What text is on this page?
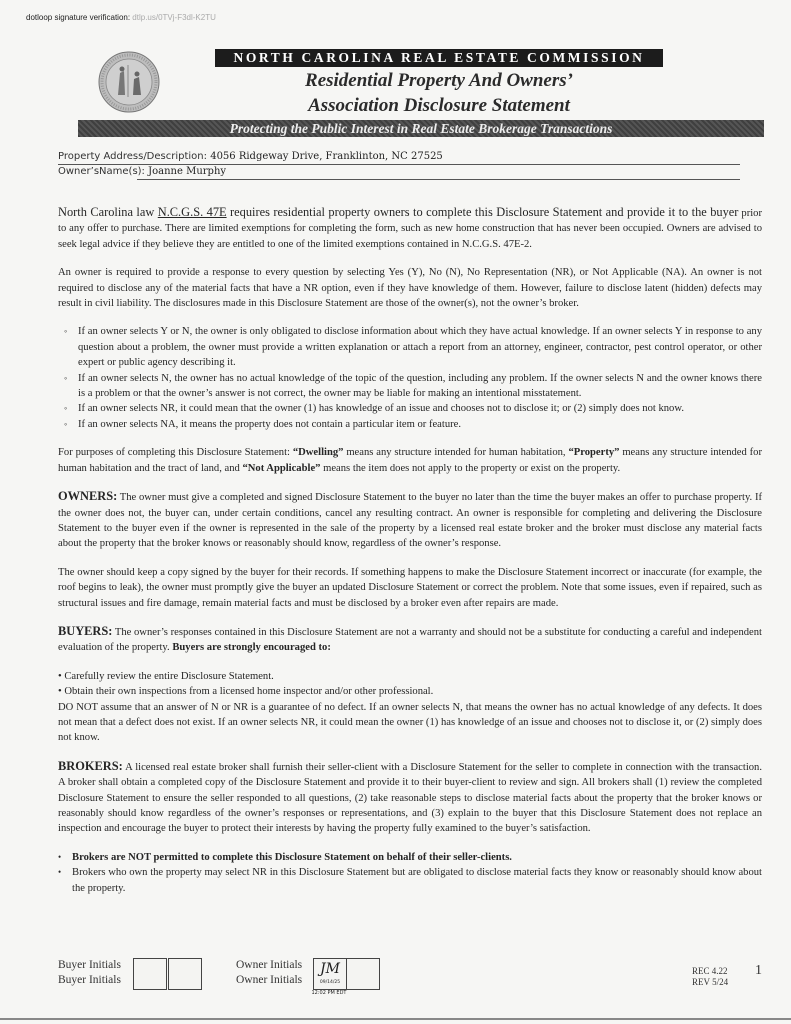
dotloop signature verification: dtlp.us/0TVj-F3dl-K2TU
NORTH CAROLINA REAL ESTATE COMMISSION
Residential Property And Owners’
Association Disclosure Statement
Protecting the Public Interest in Real Estate Brokerage Transactions
Property Address/Description: 4056 Ridgeway Drive, Franklinton, NC 27525
Owner’sName(s): Joanne Murphy

North Carolina law N.C.G.S. 47E requires residential property owners to complete this Disclosure Statement and provide it to the buyer prior to any offer to purchase. There are limited exemptions for completing the form, such as new home construction that has never been occupied. Owners are advised to seek legal advice if they believe they are entitled to one of the limited exemptions contained in N.C.G.S. 47E-2.

An owner is required to provide a response to every question by selecting Yes (Y), No (N), No Representation (NR), or Not Applicable (NA). An owner is not required to disclose any of the material facts that have a NR option, even if they have knowledge of them. However, failure to disclose latent (hidden) defects may result in civil liability. The disclosures made in this Disclosure Statement are those of the owner(s), not the owner’s broker.

◦ If an owner selects Y or N, the owner is only obligated to disclose information about which they have actual knowledge. If an owner selects Y in response to any question about a problem, the owner must provide a written explanation or attach a report from an attorney, engineer, contractor, pest control operator, or other expert or public agency describing it.
◦ If an owner selects N, the owner has no actual knowledge of the topic of the question, including any problem. If the owner selects N and the owner knows there is a problem or that the owner’s answer is not correct, the owner may be liable for making an intentional misstatement.
◦ If an owner selects NR, it could mean that the owner (1) has knowledge of an issue and chooses not to disclose it; or (2) simply does not know.
◦ If an owner selects NA, it means the property does not contain a particular item or feature.

For purposes of completing this Disclosure Statement: “Dwelling” means any structure intended for human habitation, “Property” means any structure intended for human habitation and the tract of land, and “Not Applicable” means the item does not apply to the property or exist on the property.

OWNERS: The owner must give a completed and signed Disclosure Statement to the buyer no later than the time the buyer makes an offer to purchase property. If the owner does not, the buyer can, under certain conditions, cancel any resulting contract. An owner is responsible for completing and delivering the Disclosure Statement to the buyer even if the owner is represented in the sale of the property by a licensed real estate broker and the broker must disclose any material facts about the property that the broker knows or reasonably should know, regardless of the owner’s response.

The owner should keep a copy signed by the buyer for their records. If something happens to make the Disclosure Statement incorrect or inaccurate (for example, the roof begins to leak), the owner must promptly give the buyer an updated Disclosure Statement or correct the problem. Note that some issues, even if repaired, such as structural issues and fire damage, remain material facts and must be disclosed by a broker even after repairs are made.

BUYERS: The owner’s responses contained in this Disclosure Statement are not a warranty and should not be a substitute for conducting a careful and independent evaluation of the property. Buyers are strongly encouraged to:

• Carefully review the entire Disclosure Statement.
• Obtain their own inspections from a licensed home inspector and/or other professional.

DO NOT assume that an answer of N or NR is a guarantee of no defect. If an owner selects N, that means the owner has no actual knowledge of any defects. It does not mean that a defect does not exist. If an owner selects NR, it could mean the owner (1) has knowledge of an issue and chooses not to disclose it, or (2) simply does not know.

BROKERS: A licensed real estate broker shall furnish their seller-client with a Disclosure Statement for the seller to complete in connection with the transaction. A broker shall obtain a completed copy of the Disclosure Statement and provide it to their buyer-client to review and sign. All brokers shall (1) review the completed Disclosure Statement to ensure the seller responded to all questions, (2) take reasonable steps to disclose material facts about the property that the broker knows or reasonably should know regardless of the owner’s responses or representations, and (3) explain to the buyer that this Disclosure Statement does not replace an inspection and encourage the buyer to protect their interests by having the property fully examined to the buyer’s satisfaction.

• Brokers are NOT permitted to complete this Disclosure Statement on behalf of their seller-clients.
• Brokers who own the property may select NR in this Disclosure Statement but are obligated to disclose material facts they know or reasonably should know about the property.
Buyer Initials
Buyer Initials
Owner Initials
Owner Initials
JM
09/14/25
12:02 PM EDT
REC 4.22
REV 5/24
1
